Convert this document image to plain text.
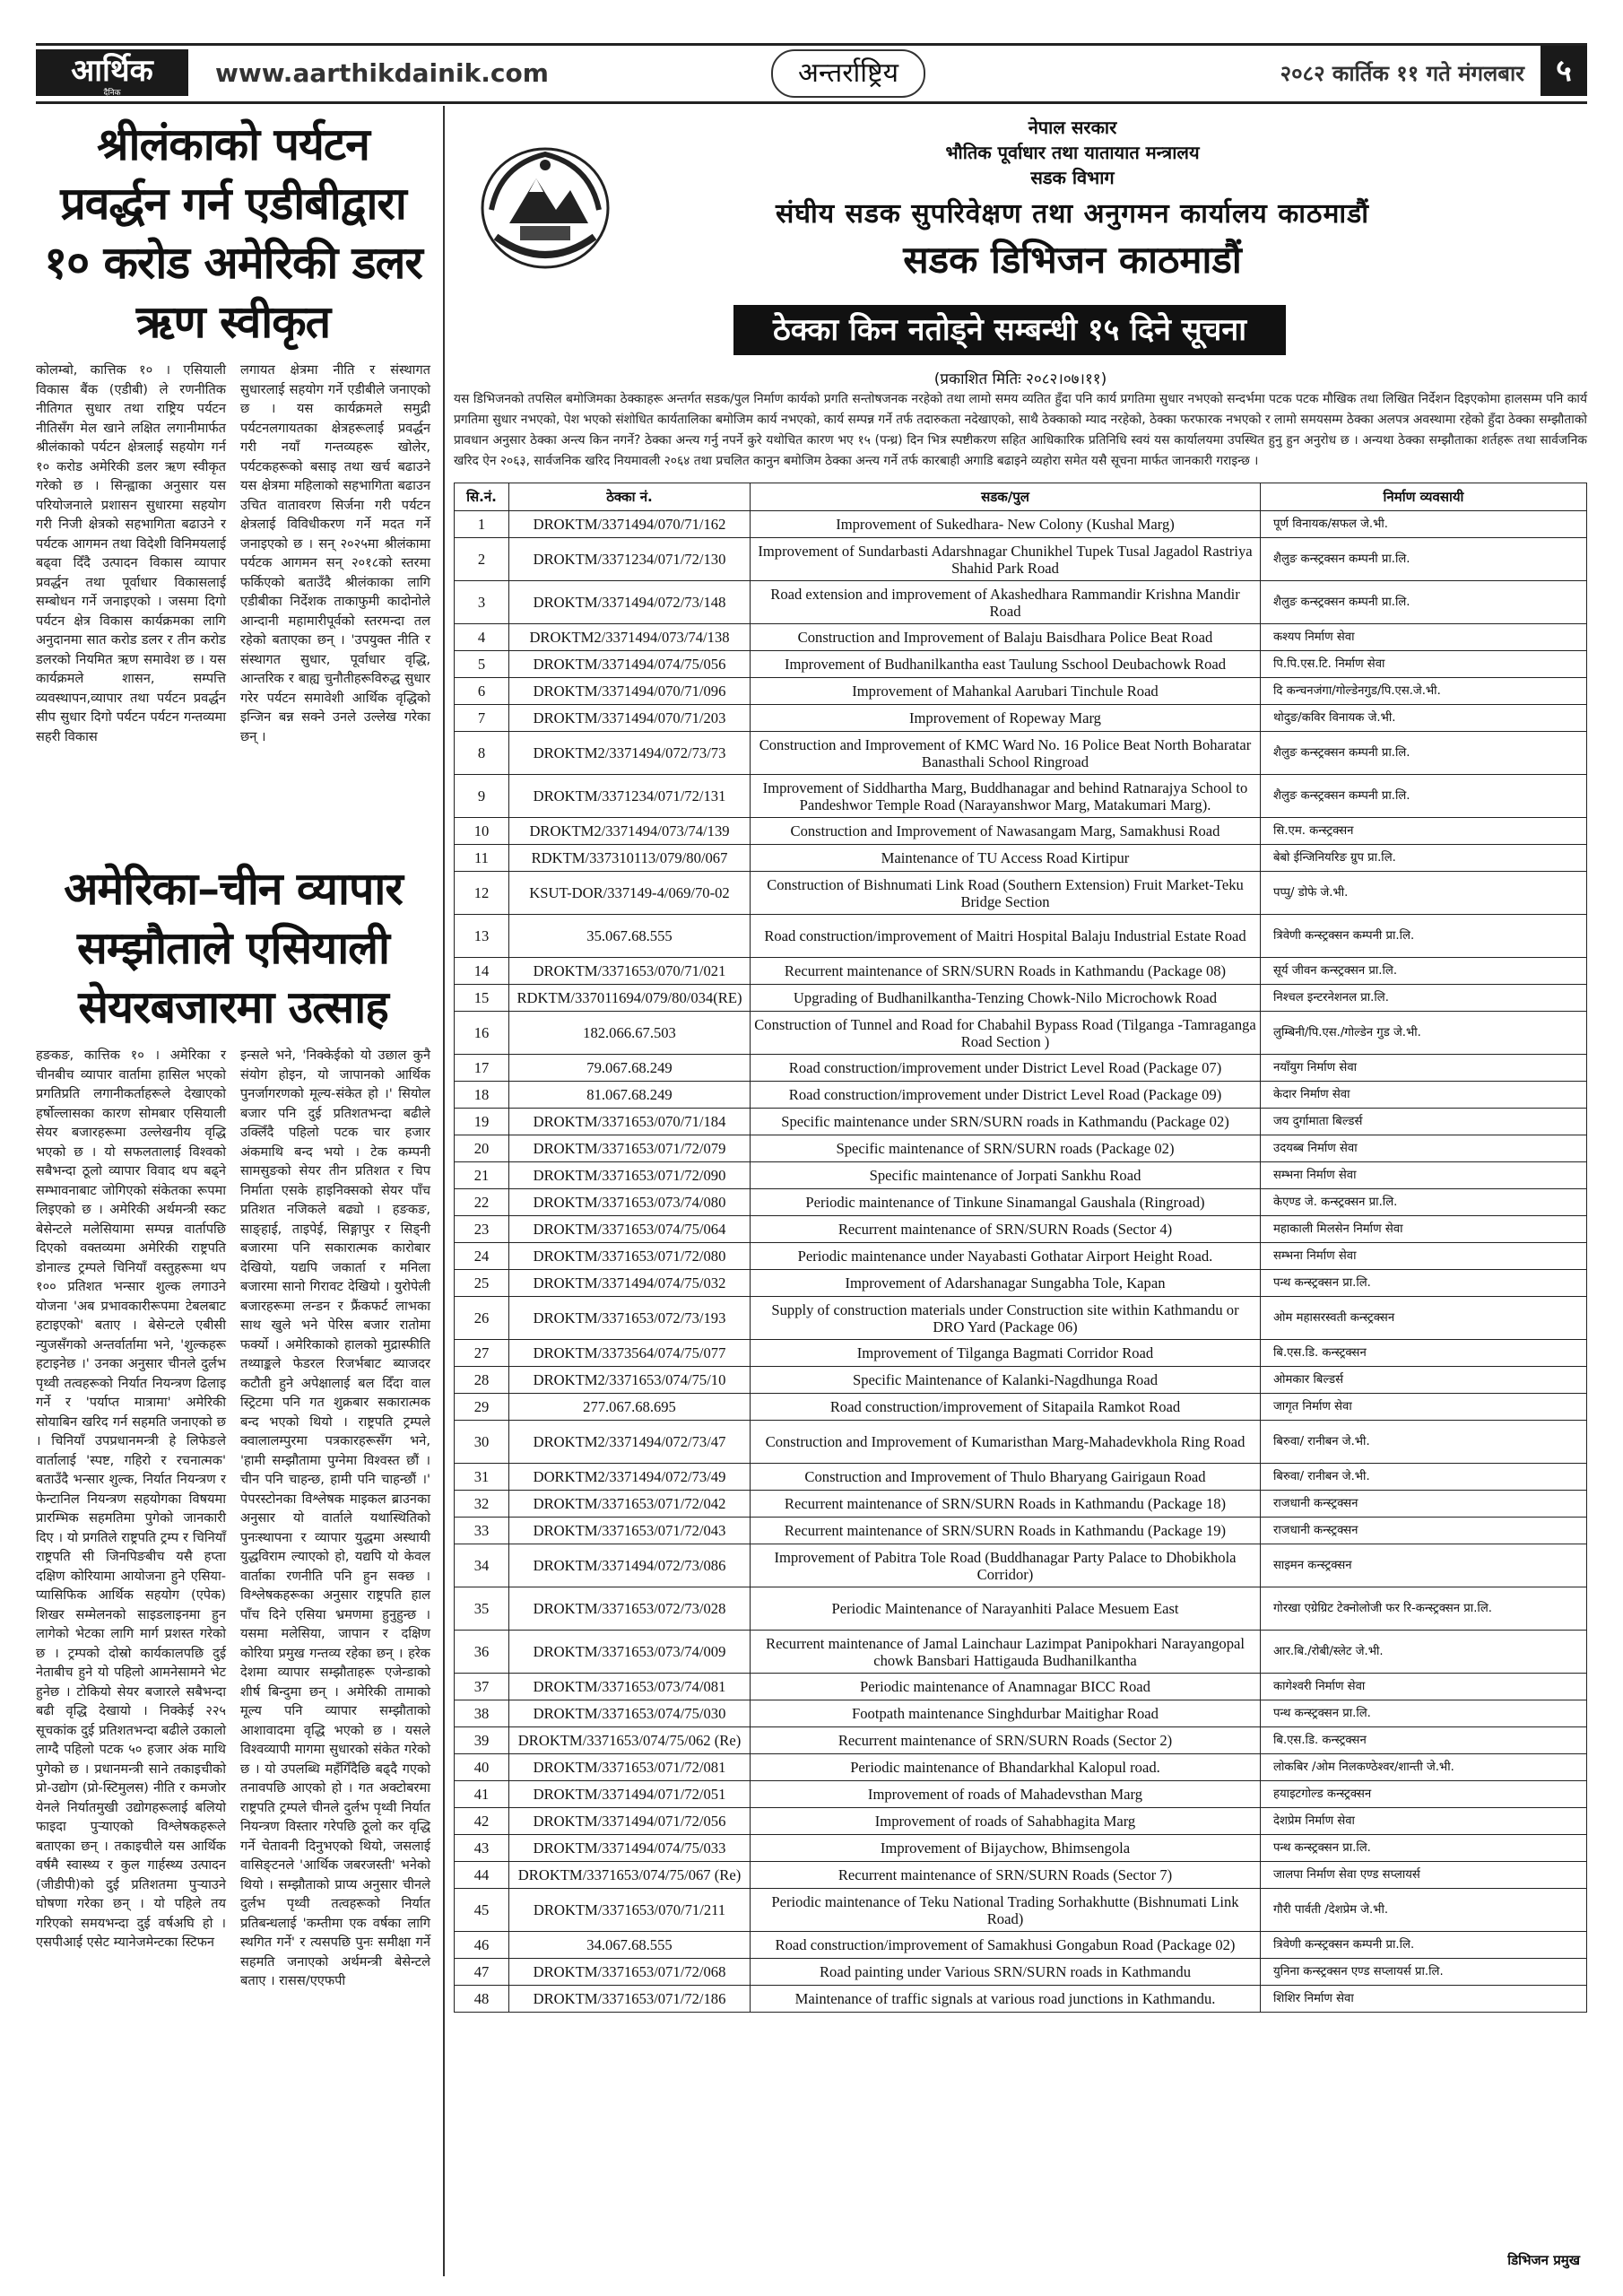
आर्थिक
दैनिक
www.aarthikdainik.com	अन्तर्राष्ट्रिय	२०८२ कार्तिक ११ गते मंगलबार	५
श्रीलंकाको पर्यटन प्रवर्द्धन गर्न एडीबीद्वारा १० करोड अमेरिकी डलर ऋण स्वीकृत
कोलम्बो, कात्तिक १० । एसियाली विकास बैंक (एडीबी) ले रणनीतिक नीतिगत सुधार तथा राष्ट्रिय पर्यटन नीतिसँग मेल खाने लक्षित लगानीमार्फत श्रीलंकाको पर्यटन क्षेत्रलाई सहयोग गर्न १० करोड अमेरिकी डलर ऋण स्वीकृत गरेको छ । सिन्ह्वाका अनुसार यस परियोजनाले प्रशासन सुधारमा सहयोग गरी निजी क्षेत्रको सहभागिता बढाउने र पर्यटक आगमन तथा विदेशी विनिमयलाई बढ्वा दिँदै उत्पादन विकास व्यापार प्रवर्द्धन तथा पूर्वाधार विकासलाई सम्बोधन गर्ने जनाइएको । जसमा दिगो पर्यटन क्षेत्र विकास कार्यक्रमका लागि अनुदानमा सात करोड डलर र तीन करोड डलरको नियमित ऋण समावेश छ । यस कार्यक्रमले शासन, सम्पत्ति व्यवस्थापन,व्यापार तथा पर्यटन प्रवर्द्धन सीप सुधार दिगो पर्यटन पर्यटन गन्तव्यमा सहरी विकास
लगायत क्षेत्रमा नीति र संस्थागत सुधारलाई सहयोग गर्ने एडीबीले जनाएको छ । यस कार्यक्रमले समुद्री पर्यटनलगायतका क्षेत्रहरूलाई प्रवर्द्धन गरी नयाँ गन्तव्यहरू खोलेर, पर्यटकहरूको बसाइ तथा खर्च बढाउने यस क्षेत्रमा महिलाको सहभागिता बढाउन उचित वातावरण सिर्जना गरी पर्यटन क्षेत्रलाई विविधीकरण गर्ने मदत गर्ने जनाइएको छ । सन् २०२५मा श्रीलंकामा पर्यटक आगमन सन् २०१८को स्तरमा फर्किएको बताउँदै श्रीलंकाका लागि एडीबीका निर्देशक ताकाफुमी कादोनोले आन्दानी महामारीपूर्वको स्तरमन्दा तल रहेको बताएका छन् । 'उपयुक्त नीति र संस्थागत सुधार, पूर्वाधार वृद्धि, आन्तरिक र बाह्य चुनौतीहरूविरुद्ध सुधार गरेर पर्यटन समावेशी आर्थिक वृद्धिको इन्जिन बन्न सक्ने उनले उल्लेख गरेका छन् ।
अमेरिका–चीन व्यापार सम्झौताले एसियाली सेयरबजारमा उत्साह
हङकङ, कात्तिक १० । अमेरिका र चीनबीच व्यापार वार्तामा हासिल भएको प्रगतिप्रति लगानीकर्ताहरूले देखाएको हर्षोल्लासका कारण सोमबार एसियाली सेयर बजारहरूमा उल्लेखनीय वृद्धि भएको छ । यो सफलतालाई विश्वको सबैभन्दा ठूलो व्यापार विवाद थप बढ्ने सम्भावनाबाट जोगिएको संकेतका रूपमा लिइएको छ । अमेरिकी अर्थमन्त्री स्कट बेसेन्टले मलेसियामा सम्पन्न वार्तापछि दिएको वक्तव्यमा अमेरिकी राष्ट्रपति डोनाल्ड ट्रम्पले चिनियाँ वस्तुहरूमा थप १०० प्रतिशत भन्सार शुल्क लगाउने योजना 'अब प्रभावकारीरूपमा टेबलबाट हटाइएको' बताए । बेसेन्टले एबीसी न्युजसँगको अन्तर्वार्तामा भने, 'शुल्कहरू हटाइनेछ ।' उनका अनुसार चीनले दुर्लभ पृथ्वी तत्वहरूको निर्यात नियन्त्रण ढिलाइ गर्ने र 'पर्याप्त मात्रामा' अमेरिकी सोयाबिन खरिद गर्न सहमति जनाएको छ । चिनियाँ उपप्रधानमन्त्री हे लिफेङले वार्तालाई 'स्पष्ट, गहिरो र रचनात्मक' बताउँदै भन्सार शुल्क, निर्यात नियन्त्रण र फेन्टानिल नियन्त्रण सहयोगका विषयमा प्रारम्भिक सहमतिमा पुगेको जानकारी दिए । यो प्रगतिले राष्ट्रपति ट्रम्प र चिनियाँ राष्ट्रपति सी जिनपिङबीच यसै हप्ता दक्षिण कोरियामा आयोजना हुने एसिया-प्यासिफिक आर्थिक सहयोग (एपेक) शिखर सम्मेलनको साइडलाइनमा हुन लागेको भेटका लागि मार्ग प्रशस्त गरेको छ । ट्रम्पको दोस्रो कार्यकालपछि दुई नेताबीच हुने यो पहिलो आमनेसामने भेट हुनेछ । टोकियो सेयर बजारले सबैभन्दा बढी वृद्धि देखायो । निक्केई २२५ सूचकांक दुई प्रतिशतभन्दा बढीले उकालो लाग्दै पहिलो पटक ५० हजार अंक माथि पुगेको छ । प्रधानमन्त्री साने तकाइचीको प्रो-उद्योग (प्रो-स्टिमुलस) नीति र कमजोर येनले निर्यातमुखी उद्योगहरूलाई बलियो फाइदा पुऱ्याएको विश्लेषकहरूले बताएका छन् । तकाइचीले यस आर्थिक वर्षमै स्वास्थ्य र कुल गार्हस्थ्य उत्पादन (जीडीपी)को दुई प्रतिशतमा पुऱ्याउने घोषणा गरेका छन् । यो पहिले तय गरिएको समयभन्दा दुई वर्षअघि हो । एसपीआई एसेट म्यानेजमेन्टका स्टिफन
इन्सले भने, 'निक्केईको यो उछाल कुनै संयोग होइन, यो जापानको आर्थिक पुनर्जागरणको मूल्य-संकेत हो ।' सियोल बजार पनि दुई प्रतिशतभन्दा बढीले उक्लिँदै पहिलो पटक चार हजार अंकमाथि बन्द भयो । टेक कम्पनी सामसुङको सेयर तीन प्रतिशत र चिप निर्माता एसके हाइनिक्सको सेयर पाँच प्रतिशत नजिकले बढ्यो । हङकङ, साङ्हाई, ताइपेई, सिङ्गापुर र सिड्नी बजारमा पनि सकारात्मक कारोबार देखियो, यद्यपि जकार्ता र मनिला बजारमा सानो गिरावट देखियो । युरोपेली बजारहरूमा लन्डन र फ्रैंकफर्ट लाभका साथ खुले भने पेरिस बजार रातोमा फर्क्यो । अमेरिकाको हालको मुद्रास्फीति तथ्याङ्कले फेडरल रिजर्भबाट ब्याजदर कटौती हुने अपेक्षालाई बल दिँदा वाल स्ट्रिटमा पनि गत शुक्रबार सकारात्मक बन्द भएको थियो । राष्ट्रपति ट्रम्पले क्वालालम्पुरमा पत्रकारहरूसँग भने, 'हामी सम्झौतामा पुग्नेमा विश्वस्त छौं । चीन पनि चाहन्छ, हामी पनि चाहन्छौं ।' पेपरस्टोनका विश्लेषक माइकल ब्राउनका अनुसार यो वार्ताले यथास्थितिको पुनःस्थापना र व्यापार युद्धमा अस्थायी युद्धविराम ल्याएको हो, यद्यपि यो केवल वार्ताका रणनीति पनि हुन सक्छ । विश्लेषकहरूका अनुसार राष्ट्रपति हाल पाँच दिने एसिया भ्रमणमा हुनुहुन्छ । यसमा मलेसिया, जापान र दक्षिण कोरिया प्रमुख गन्तव्य रहेका छन् । हरेक देशमा व्यापार सम्झौताहरू एजेन्डाको शीर्ष बिन्दुमा छन् । अमेरिकी तामाको मूल्य पनि व्यापार सम्झौताको आशावादमा वृद्धि भएको छ । यसले विश्वव्यापी मागमा सुधारको संकेत गरेको छ । यो उपलब्धि महँगिँदैछि बढ्दै गएको तनावपछि आएको हो । गत अक्टोबरमा राष्ट्रपति ट्रम्पले चीनले दुर्लभ पृथ्वी निर्यात नियन्त्रण विस्तार गरेपछि ठूलो कर वृद्धि गर्ने चेतावनी दिनुभएको थियो, जसलाई वासिङ्टनले 'आर्थिक जबरजस्ती' भनेको थियो । सम्झौताको प्राप्य अनुसार चीनले दुर्लभ पृथ्वी तत्वहरूको निर्यात प्रतिबन्धलाई 'कम्तीमा एक वर्षका लागि स्थगित गर्ने' र त्यसपछि पुनः समीक्षा गर्ने सहमति जनाएको अर्थमन्त्री बेसेन्टले बताए । रासस/एएफपी
नेपाल सरकार
भौतिक पूर्वाधार तथा यातायात मन्त्रालय
सडक विभाग
संघीय सडक सुपरिवेक्षण तथा अनुगमन कार्यालय काठमाडौं
सडक डिभिजन काठमाडौं
ठेक्का किन नतोड्ने सम्बन्धी १५ दिने सूचना
(प्रकाशित मितिः २०८२।०७।११)
यस डिभिजनको तपसिल बमोजिमका ठेक्काहरू अन्तर्गत सडक/पुल निर्माण कार्यको प्रगति सन्तोषजनक नरहेको तथा लामो समय व्यतित हुँदा पनि कार्य प्रगतिमा सुधार नभएको सन्दर्भमा पटक पटक मौखिक तथा लिखित निर्देशन दिइएकोमा हालसम्म पनि कार्य प्रगतिमा सुधार नभएको, पेश भएको संशोधित कार्यतालिका बमोजिम कार्य नभएको, कार्य सम्पन्न गर्ने तर्फ तदारुकता नदेखाएको, साथै ठेक्काको म्याद नरहेको, ठेक्का फरफारक नभएको र लामो समयसम्म ठेक्का अलपत्र अवस्थामा रहेको हुँदा ठेक्का सम्झौताको प्रावधान अनुसार ठेक्का अन्त्य किन नगर्ने? ठेक्का अन्त्य गर्नु नपर्ने कुरे यथोचित कारण भए १५ (पन्ध्र) दिन भित्र स्पष्टीकरण सहित आधिकारिक प्रतिनिधि स्वयं यस कार्यालयमा उपस्थित हुनु हुन अनुरोध छ । अन्यथा ठेक्का सम्झौताका शर्तहरू तथा सार्वजनिक खरिद ऐन २०६३, सार्वजनिक खरिद नियमावली २०६४ तथा प्रचलित कानुन बमोजिम ठेक्का अन्त्य गर्ने तर्फ कारबाही अगाडि बढाइने व्यहोरा समेत यसै सूचना मार्फत जानकारी गराइन्छ ।
सि.नं.	ठेक्का नं.	सडक/पुल	निर्माण व्यवसायी
1	DROKTM/3371494/070/71/162	Improvement of Sukedhara- New Colony (Kushal Marg)	पूर्ण विनायक/सफल जे.भी.
2	DROKTM/3371234/071/72/130	Improvement of Sundarbasti Adarshnagar Chunikhel Tupek Tusal Jagadol Rastriya Shahid Park Road	शैलुङ कन्स्ट्रक्सन कम्पनी प्रा.लि.
3	DROKTM/3371494/072/73/148	Road extension and improvement of Akashedhara Rammandir Krishna Mandir Road	शैलुङ कन्स्ट्रक्सन कम्पनी प्रा.लि.
4	DROKTM2/3371494/073/74/138	Construction and Improvement of Balaju Baisdhara Police Beat Road	कश्यप निर्माण सेवा
5	DROKTM/3371494/074/75/056	Improvement of Budhanilkantha east Taulung Sschool Deubachowk Road	पि.पि.एस.टि. निर्माण सेवा
6	DROKTM/3371494/070/71/096	Improvement of Mahankal Aarubari Tinchule Road	दि कन्चनजंगा/गोल्डेनगुड/पि.एस.जे.भी.
7	DROKTM/3371494/070/71/203	Improvement of Ropeway Marg	थोदुङ/कविर विनायक जे.भी.
8	DROKTM2/3371494/072/73/73	Construction and Improvement of KMC Ward No. 16 Police Beat North Boharatar Banasthali School Ringroad	शैलुङ कन्स्ट्रक्सन कम्पनी प्रा.लि.
9	DROKTM/3371234/071/72/131	Improvement of Siddhartha Marg, Buddhanagar and behind Ratnarajya School to Pandeshwor Temple Road (Narayanshwor Marg, Matakumari Marg).	शैलुङ कन्स्ट्रक्सन कम्पनी प्रा.लि.
10	DROKTM2/3371494/073/74/139	Construction and Improvement of Nawasangam Marg, Samakhusi Road	सि.एम. कन्स्ट्रक्सन
11	RDKTM/337310113/079/80/067	Maintenance of TU Access Road Kirtipur	बेबो ईन्जिनियरिङ ग्रुप प्रा.लि.
12	KSUT-DOR/337149-4/069/70-02	Construction of Bishnumati Link Road (Southern Extension) Fruit Market-Teku Bridge Section	पप्पु/ डोफे जे.भी.
13	35.067.68.555	Road construction/improvement of Maitri Hospital Balaju Industrial Estate Road	त्रिवेणी कन्स्ट्रक्सन कम्पनी प्रा.लि.
14	DROKTM/3371653/070/71/021	Recurrent maintenance of SRN/SURN Roads in Kathmandu (Package 08)	सूर्य जीवन कन्स्ट्रक्सन प्रा.लि.
15	RDKTM/337011694/079/80/034(RE)	Upgrading of Budhanilkantha-Tenzing Chowk-Nilo Microchowk Road	निश्चल इन्टरनेशनल प्रा.लि.
16	182.066.67.503	Construction of Tunnel and Road for Chabahil Bypass Road (Tilganga -Tamraganga Road Section )	लुम्बिनी/पि.एस./गोल्डेन गुड जे.भी.
17	79.067.68.249	Road construction/improvement under District Level Road (Package 07)	नयाँयुग निर्माण सेवा
18	81.067.68.249	Road construction/improvement under District Level Road (Package 09)	केदार निर्माण सेवा
19	DROKTM/3371653/070/71/184	Specific maintenance under SRN/SURN roads in Kathmandu (Package 02)	जय दुर्गामाता बिल्डर्स
20	DROKTM/3371653/071/72/079	Specific maintenance of SRN/SURN roads (Package 02)	उदयब्ब निर्माण सेवा
21	DROKTM/3371653/071/72/090	Specific maintenance of Jorpati Sankhu Road	सम्भना निर्माण सेवा
22	DROKTM/3371653/073/74/080	Periodic maintenance of Tinkune Sinamangal Gaushala (Ringroad)	केएण्ड जे. कन्स्ट्रक्सन प्रा.लि.
23	DROKTM/3371653/074/75/064	Recurrent maintenance of SRN/SURN Roads (Sector 4)	महाकाली मिलसेन निर्माण सेवा
24	DROKTM/3371653/071/72/080	Periodic maintenance under Nayabasti Gothatar Airport Height Road.	सम्भना निर्माण सेवा
25	DROKTM/3371494/074/75/032	Improvement of Adarshanagar Sungabha Tole, Kapan	पन्थ कन्स्ट्रक्सन प्रा.लि.
26	DROKTM/3371653/072/73/193	Supply of construction materials under Construction site within Kathmandu or DRO Yard (Package 06)	ओम महासरस्वती कन्स्ट्रक्सन
27	DROKTM/3373564/074/75/077	Improvement of Tilganga Bagmati Corridor Road	बि.एस.डि. कन्स्ट्रक्सन
28	DROKTM2/3371653/074/75/10	Specific Maintenance of Kalanki-Nagdhunga Road	ओमकार बिल्डर्स
29	277.067.68.695	Road construction/improvement of Sitapaila Ramkot Road	जागृत निर्माण सेवा
30	DROKTM2/3371494/072/73/47	Construction and Improvement of Kumaristhan Marg-Mahadevkhola Ring Road	बिरुवा/ रानीबन जे.भी.
31	DORKTM2/3371494/072/73/49	Construction and Improvement of Thulo Bharyang Gairigaun Road	बिरुवा/ रानीबन जे.भी.
32	DROKTM/3371653/071/72/042	Recurrent maintenance of SRN/SURN Roads in Kathmandu (Package 18)	राजधानी कन्स्ट्रक्सन
33	DROKTM/3371653/071/72/043	Recurrent maintenance of SRN/SURN Roads in Kathmandu (Package 19)	राजधानी कन्स्ट्रक्सन
34	DROKTM/3371494/072/73/086	Improvement of Pabitra Tole Road (Buddhanagar Party Palace to Dhobikhola Corridor)	साइमन कन्स्ट्रक्सन
35	DROKTM/3371653/072/73/028	Periodic Maintenance of Narayanhiti Palace Mesuem East	गोरखा एग्रेग्रिट टेक्नोलोजी फर रि-कन्स्ट्रक्सन प्रा.लि.
36	DROKTM/3371653/073/74/009	Recurrent maintenance of Jamal Lainchaur Lazimpat Panipokhari Narayangopal chowk Bansbari Hattigauda Budhanilkantha	आर.बि./रोबी/स्लेट जे.भी.
37	DROKTM/3371653/073/74/081	Periodic maintenance of Anamnagar BICC Road	कागेश्वरी निर्माण सेवा
38	DROKTM/3371653/074/75/030	Footpath maintenance Singhdurbar Maitighar Road	पन्थ कन्स्ट्रक्सन प्रा.लि.
39	DROKTM/3371653/074/75/062 (Re)	Recurrent maintenance of SRN/SURN Roads (Sector 2)	बि.एस.डि. कन्स्ट्रक्सन
40	DROKTM/3371653/071/72/081	Periodic maintenance of Bhandarkhal Kalopul road.	लोकबिर /ओम निलकण्ठेश्वर/शान्ती जे.भी.
41	DROKTM/3371494/071/72/051	Improvement of roads of Mahadevsthan Marg	हयाइटगोल्ड कन्स्ट्रक्सन
42	DROKTM/3371494/071/72/056	Improvement of roads of Sahabhagita Marg	देशप्रेम निर्माण सेवा
43	DROKTM/3371494/074/75/033	Improvement of Bijaychow, Bhimsengola	पन्थ कन्स्ट्रक्सन प्रा.लि.
44	DROKTM/3371653/074/75/067 (Re)	Recurrent maintenance of SRN/SURN Roads (Sector 7)	जालपा निर्माण सेवा एण्ड सप्लायर्स
45	DROKTM/3371653/070/71/211	Periodic maintenance of Teku National Trading Sorhakhutte (Bishnumati Link Road)	गौरी पार्वती /देशप्रेम जे.भी.
46	34.067.68.555	Road construction/improvement of Samakhusi Gongabun Road (Package 02)	त्रिवेणी कन्स्ट्रक्सन कम्पनी प्रा.लि.
47	DROKTM/3371653/071/72/068	Road painting under Various SRN/SURN roads in Kathmandu	युनिना कन्स्ट्रक्सन एण्ड सप्लायर्स प्रा.लि.
48	DROKTM/3371653/071/72/186	Maintenance of traffic signals at various road junctions in Kathmandu.	शिशिर निर्माण सेवा
डिभिजन प्रमुख
